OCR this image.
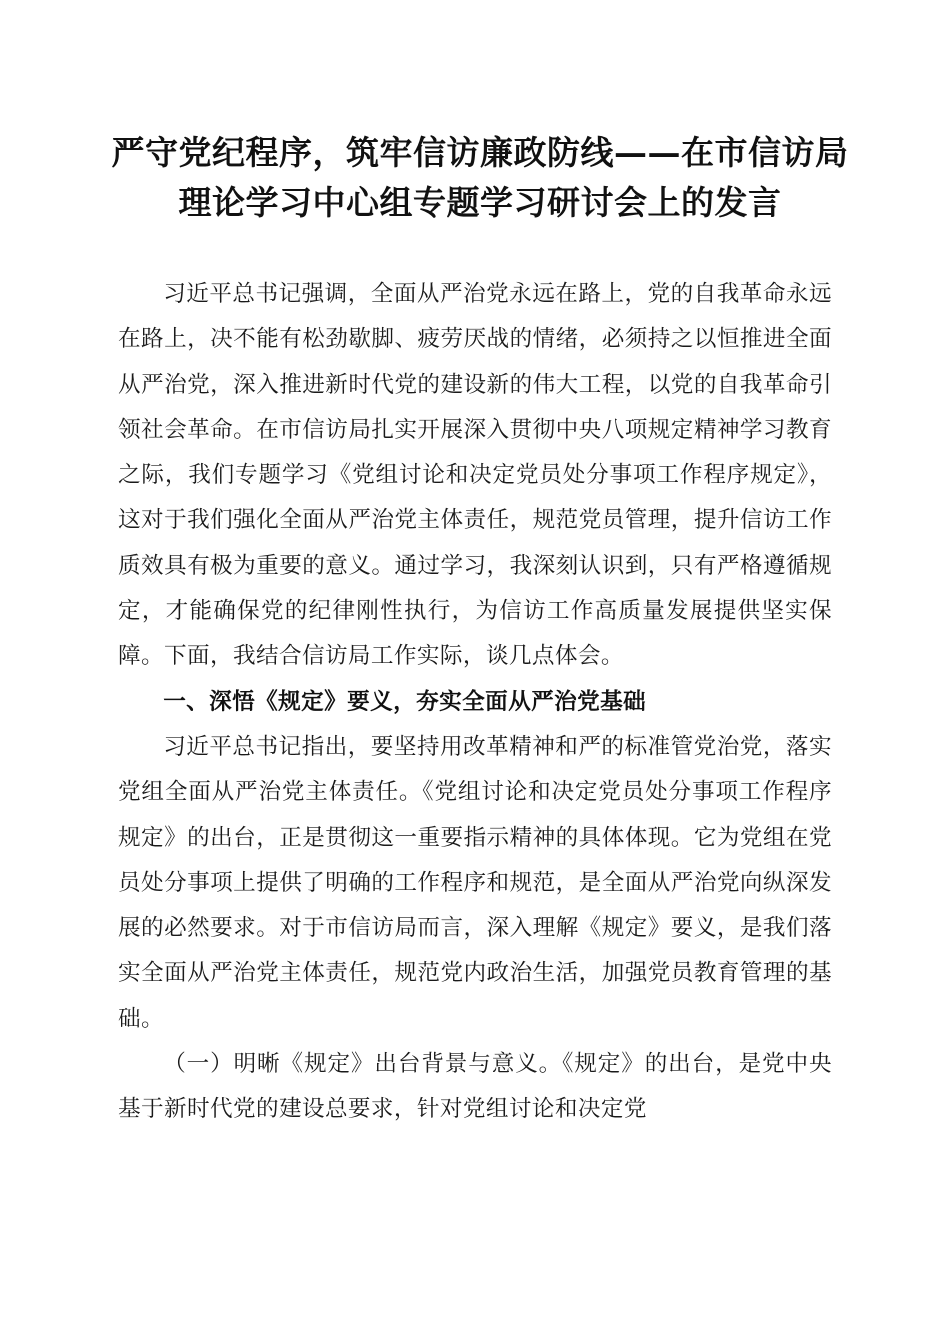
严守党纪程序，筑牢信访廉政防线——在市信访局理论学习中心组专题学习研讨会上的发言

习近平总书记强调，全面从严治党永远在路上，党的自我革命永远在路上，决不能有松劲歇脚、疲劳厌战的情绪，必须持之以恒推进全面从严治党，深入推进新时代党的建设新的伟大工程，以党的自我革命引领社会革命。在市信访局扎实开展深入贯彻中央八项规定精神学习教育之际，我们专题学习《党组讨论和决定党员处分事项工作程序规定》，这对于我们强化全面从严治党主体责任，规范党员管理，提升信访工作质效具有极为重要的意义。通过学习，我深刻认识到，只有严格遵循规定，才能确保党的纪律刚性执行，为信访工作高质量发展提供坚实保障。下面，我结合信访局工作实际，谈几点体会。

一、深悟《规定》要义，夯实全面从严治党基础

习近平总书记指出，要坚持用改革精神和严的标准管党治党，落实党组全面从严治党主体责任。《党组讨论和决定党员处分事项工作程序规定》的出台，正是贯彻这一重要指示精神的具体体现。它为党组在党员处分事项上提供了明确的工作程序和规范，是全面从严治党向纵深发展的必然要求。对于市信访局而言，深入理解《规定》要义，是我们落实全面从严治党主体责任，规范党内政治生活，加强党员教育管理的基础。

（一）明晰《规定》出台背景与意义。《规定》的出台，是党中央基于新时代党的建设总要求，针对党组讨论和决定党
